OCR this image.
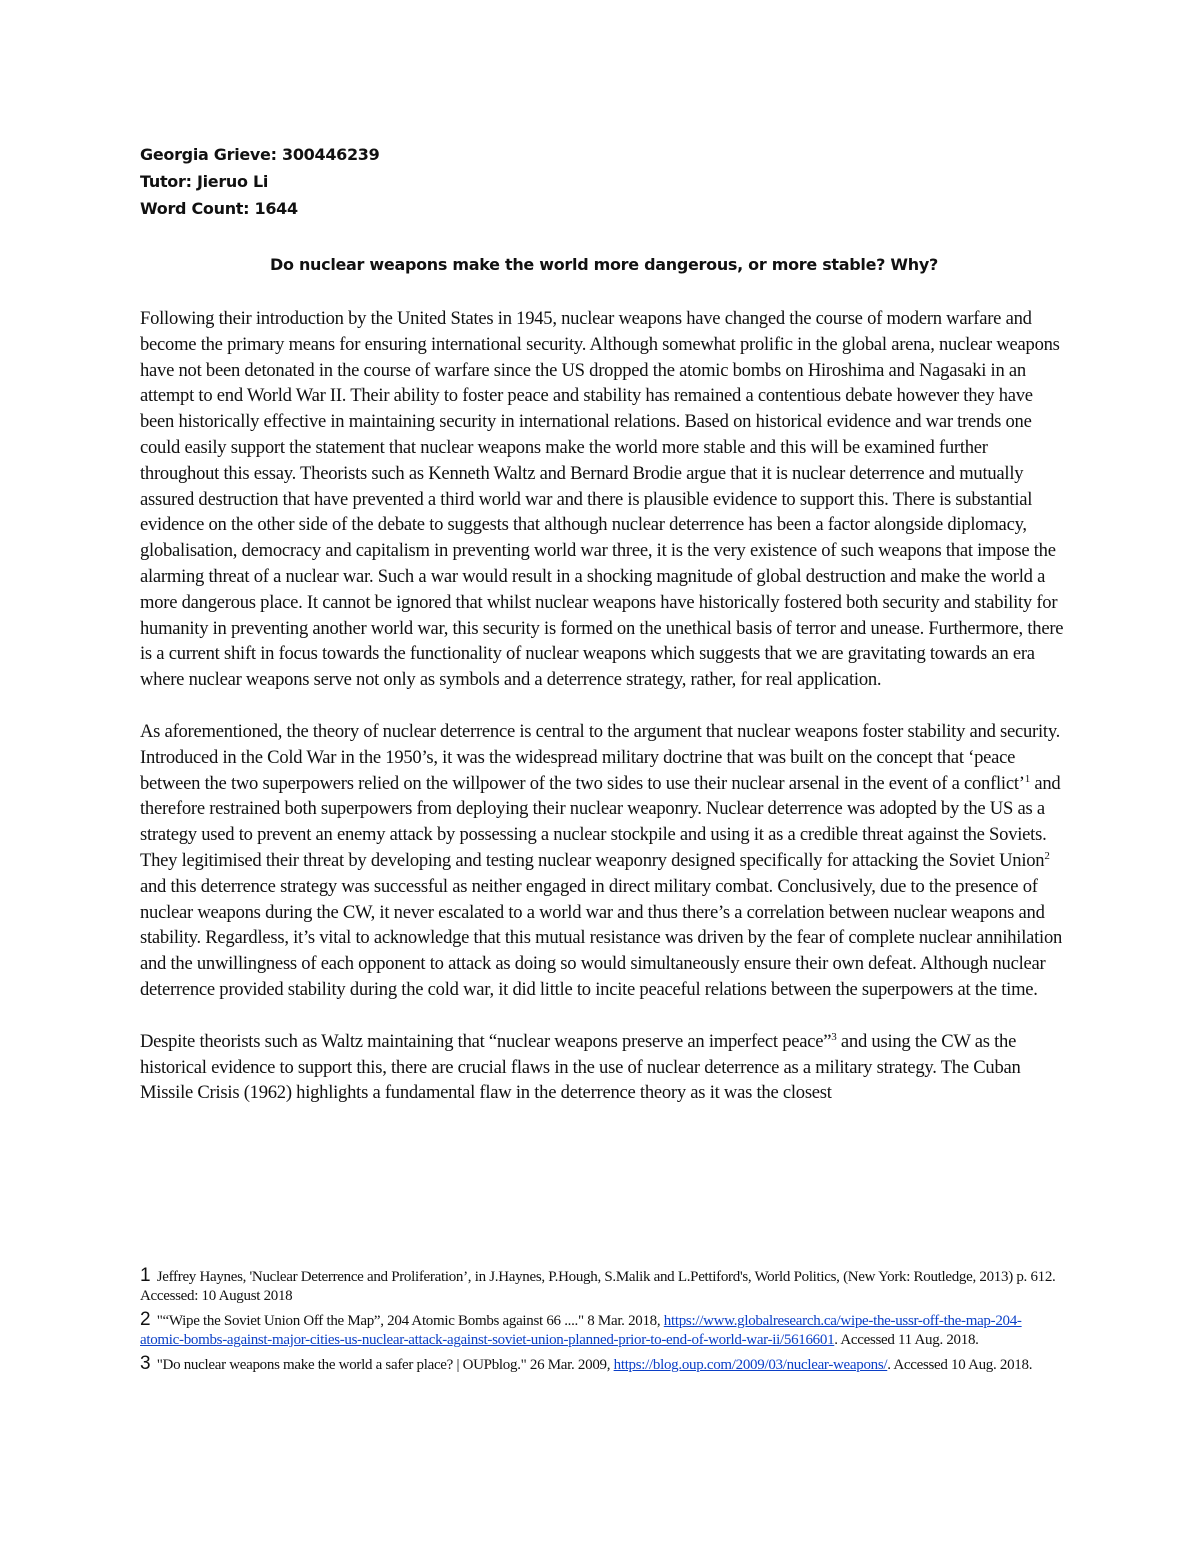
Georgia Grieve: 300446239
Tutor: Jieruo Li
Word Count: 1644
Do nuclear weapons make the world more dangerous, or more stable? Why?

Following their introduction by the United States in 1945, nuclear weapons have changed the course of modern warfare and become the primary means for ensuring international security. Although somewhat prolific in the global arena, nuclear weapons have not been detonated in the course of warfare since the US dropped the atomic bombs on Hiroshima and Nagasaki in an attempt to end World War II. Their ability to foster peace and stability has remained a contentious debate however they have been historically effective in maintaining security in international relations. Based on historical evidence and war trends one could easily support the statement that nuclear weapons make the world more stable and this will be examined further throughout this essay. Theorists such as Kenneth Waltz and Bernard Brodie argue that it is nuclear deterrence and mutually assured destruction that have prevented a third world war and there is plausible evidence to support this. There is substantial evidence on the other side of the debate to suggests that although nuclear deterrence has been a factor alongside diplomacy, globalisation, democracy and capitalism in preventing world war three, it is the very existence of such weapons that impose the alarming threat of a nuclear war. Such a war would result in a shocking magnitude of global destruction and make the world a more dangerous place. It cannot be ignored that whilst nuclear weapons have historically fostered both security and stability for humanity in preventing another world war, this security is formed on the unethical basis of terror and unease. Furthermore, there is a current shift in focus towards the functionality of nuclear weapons which suggests that we are gravitating towards an era where nuclear weapons serve not only as symbols and a deterrence strategy, rather, for real application.

As aforementioned, the theory of nuclear deterrence is central to the argument that nuclear weapons foster stability and security. Introduced in the Cold War in the 1950’s, it was the widespread military doctrine that was built on the concept that ‘peace between the two superpowers relied on the willpower of the two sides to use their nuclear arsenal in the event of a conflict’$^1$ and therefore restrained both superpowers from deploying their nuclear weaponry. Nuclear deterrence was adopted by the US as a strategy used to prevent an enemy attack by possessing a nuclear stockpile and using it as a credible threat against the Soviets. They legitimised their threat by developing and testing nuclear weaponry designed specifically for attacking the Soviet Union$^2$ and this deterrence strategy was successful as neither engaged in direct military combat. Conclusively, due to the presence of nuclear weapons during the CW, it never escalated to a world war and thus there’s a correlation between nuclear weapons and stability. Regardless, it’s vital to acknowledge that this mutual resistance was driven by the fear of complete nuclear annihilation and the unwillingness of each opponent to attack as doing so would simultaneously ensure their own defeat. Although nuclear deterrence provided stability during the cold war, it did little to incite peaceful relations between the superpowers at the time.

Despite theorists such as Waltz maintaining that “nuclear weapons preserve an imperfect peace”$^3$ and using the CW as the historical evidence to support this, there are crucial flaws in the use of nuclear deterrence as a military strategy. The Cuban Missile Crisis (1962) highlights a fundamental flaw in the deterrence theory as it was the closest

1 Jeffrey Haynes, 'Nuclear Deterrence and Proliferation’, in J.Haynes, P.Hough, S.Malik and L.Pettiford's, World Politics, (New York: Routledge, 2013) p. 612. Accessed: 10 August 2018
2 "“Wipe the Soviet Union Off the Map”, 204 Atomic Bombs against 66 ...." 8 Mar. 2018, https://www.globalresearch.ca/wipe-the-ussr-off-the-map-204-atomic-bombs-against-major-cities-us-nuclear-attack-against-soviet-union-planned-prior-to-end-of-world-war-ii/5616601. Accessed 11 Aug. 2018.
3 "Do nuclear weapons make the world a safer place? | OUPblog." 26 Mar. 2009, https://blog.oup.com/2009/03/nuclear-weapons/. Accessed 10 Aug. 2018.
